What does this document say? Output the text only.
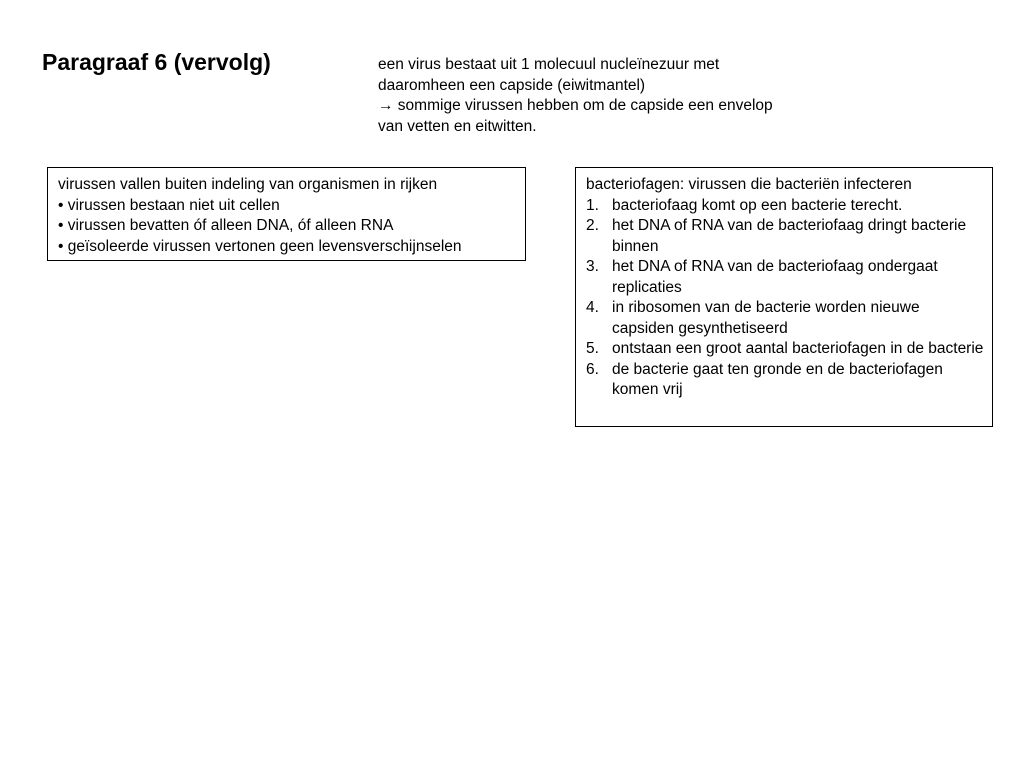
Paragraaf 6 (vervolg)	een virus bestaat uit 1 molecuul nucleïnezuur met
daaromheen een capside (eiwitmantel)
→ sommige virussen hebben om de capside een envelop
van vetten en eitwitten.
virussen vallen buiten indeling van organismen in rijken
• virussen bestaan niet uit cellen
• virussen bevatten óf alleen DNA, óf alleen RNA
• geïsoleerde virussen vertonen geen levensverschijnselen
bacteriofagen: virussen die bacteriën infecteren
1. bacteriofaag komt op een bacterie terecht.
2. het DNA of RNA van de bacteriofaag dringt bacterie binnen
3. het DNA of RNA van de bacteriofaag ondergaat replicaties
4. in ribosomen van de bacterie worden nieuwe capsiden gesynthetiseerd
5. ontstaan een groot aantal bacteriofagen in de bacterie
6. de bacterie gaat ten gronde en de bacteriofagen komen vrij
